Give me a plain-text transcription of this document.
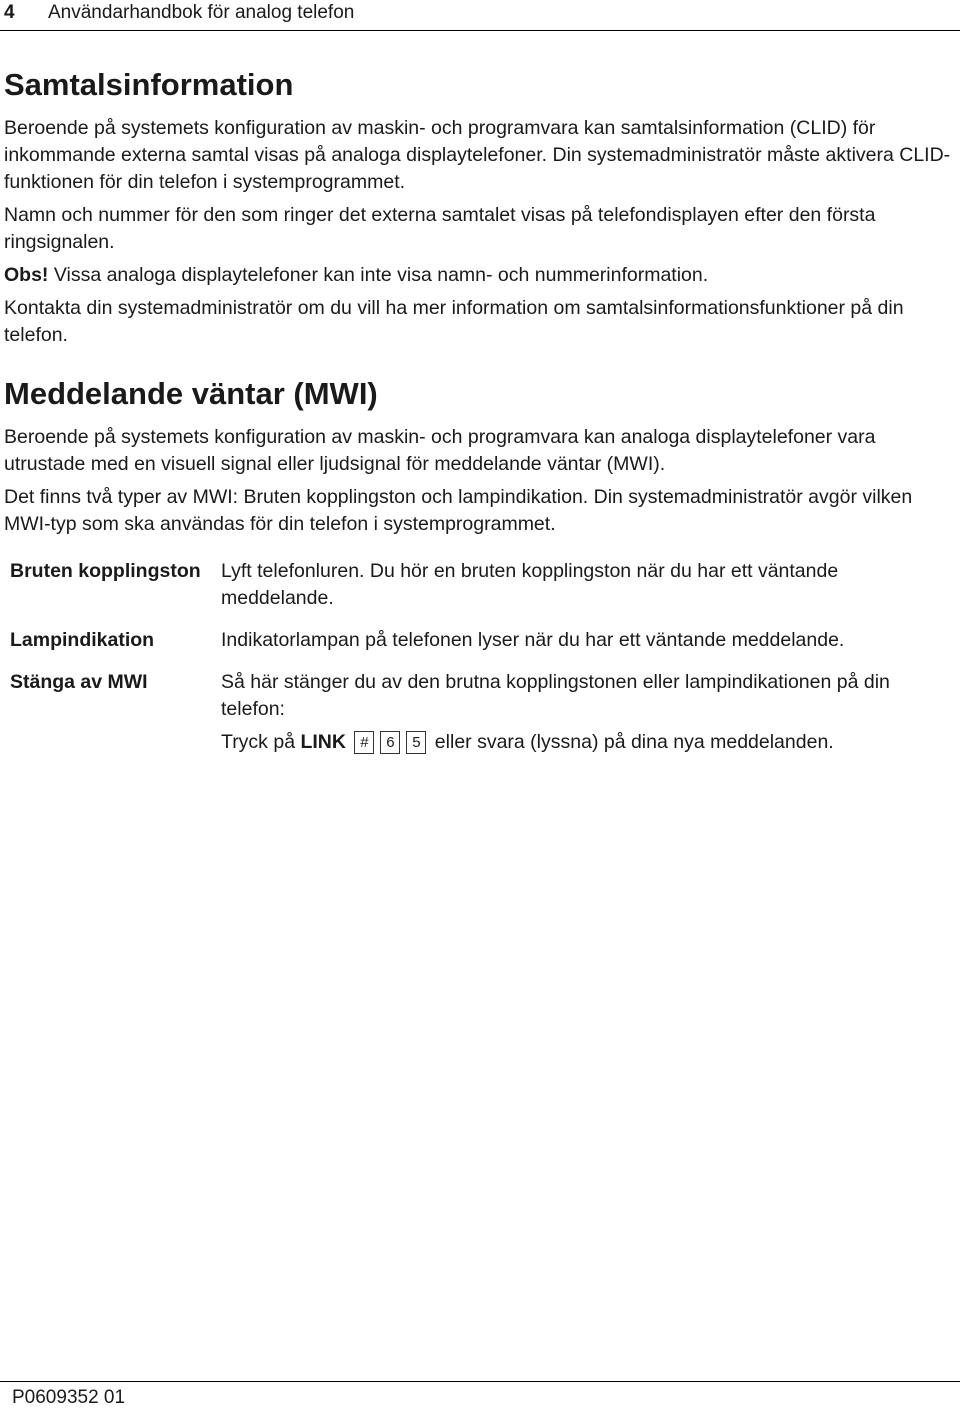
4 Användarhandbok för analog telefon
Samtalsinformation

Beroende på systemets konfiguration av maskin- och programvara kan samtalsinformation (CLID) för inkommande externa samtal visas på analoga displaytelefoner. Din systemadministratör måste aktivera CLID-funktionen för din telefon i systemprogrammet.

Namn och nummer för den som ringer det externa samtalet visas på telefondisplayen efter den första ringsignalen.

Obs! Vissa analoga displaytelefoner kan inte visa namn- och nummerinformation.

Kontakta din systemadministratör om du vill ha mer information om samtalsinformationsfunktioner på din telefon.

Meddelande väntar (MWI)

Beroende på systemets konfiguration av maskin- och programvara kan analoga displaytelefoner vara utrustade med en visuell signal eller ljudsignal för meddelande väntar (MWI).

Det finns två typer av MWI: Bruten kopplingston och lampindikation. Din systemadministratör avgör vilken MWI-typ som ska användas för din telefon i systemprogrammet.

Bruten kopplingston	Lyft telefonluren. Du hör en bruten kopplingston när du har ett väntande meddelande.
Lampindikation	Indikatorlampan på telefonen lyser när du har ett väntande meddelande.
Stänga av MWI	Så här stänger du av den brutna kopplingstonen eller lampindikationen på din telefon:
Tryck på LINK # 6 5 eller svara (lyssna) på dina nya meddelanden.
P0609352 01
